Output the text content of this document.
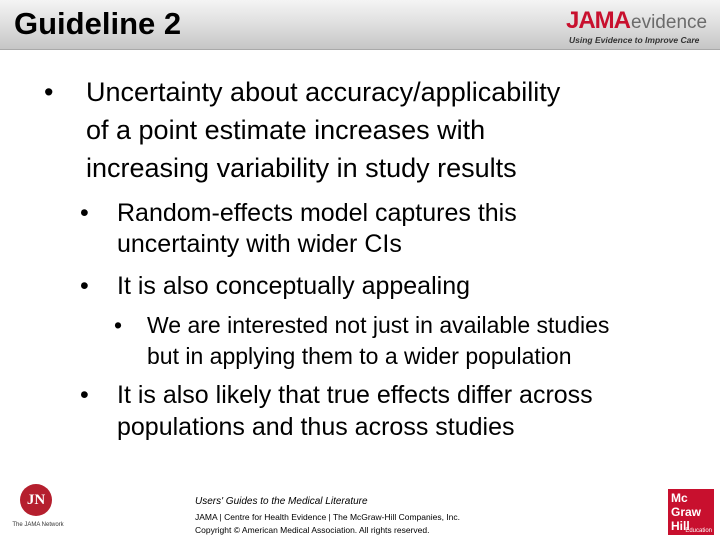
Guideline 2	JAMAevidence
Using Evidence to Improve Care
• Uncertainty about accuracy/applicability
of a point estimate increases with
increasing variability in study results
• Random-effects model captures this
uncertainty with wider CIs
• It is also conceptually appealing
• We are interested not just in available studies
but in applying them to a wider population
• It is also likely that true effects differ across
populations and thus across studies
JN
The JAMA Network
Users' Guides to the Medical Literature
JAMA | Centre for Health Evidence | The McGraw-Hill Companies, Inc.
Copyright © American Medical Association. All rights reserved.
Mc
Graw
Hill
Education
